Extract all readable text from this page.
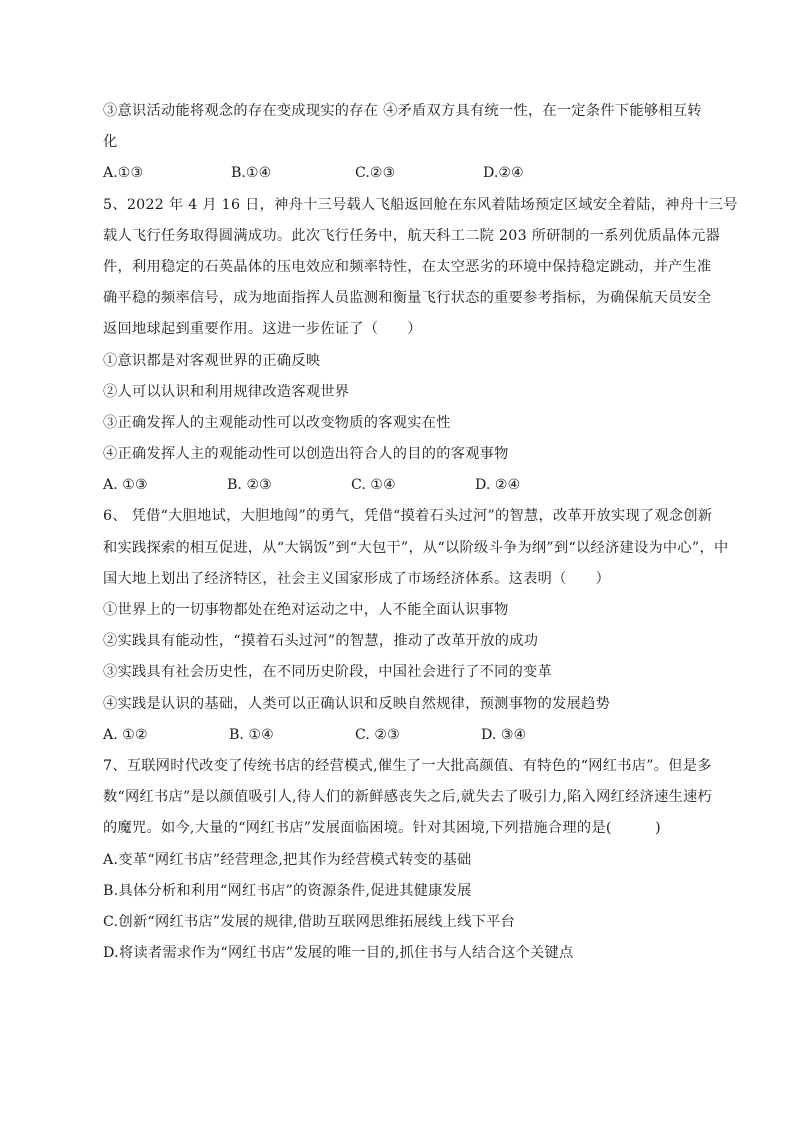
③意识活动能将观念的存在变成现实的存在 ④矛盾双方具有统一性，在一定条件下能够相互转
化
A.①③	B.①④	C.②③	D.②④
5、2022 年 4 月 16 日，神舟十三号载人飞船返回舱在东风着陆场预定区域安全着陆，神舟十三号
载人飞行任务取得圆满成功。此次飞行任务中，航天科工二院 203 所研制的一系列优质晶体元器
件，利用稳定的石英晶体的压电效应和频率特性，在太空恶劣的环境中保持稳定跳动，并产生准
确平稳的频率信号，成为地面指挥人员监测和衡量飞行状态的重要参考指标，为确保航天员安全
返回地球起到重要作用。这进一步佐证了（　　）
①意识都是对客观世界的正确反映
②人可以认识和利用规律改造客观世界
③正确发挥人的主观能动性可以改变物质的客观实在性
④正确发挥人主的观能动性可以创造出符合人的目的的客观事物
A. ①③	B. ②③	C. ①④	D. ②④
6、 凭借“大胆地试，大胆地闯”的勇气，凭借“摸着石头过河”的智慧，改革开放实现了观念创新
和实践探索的相互促进，从“大锅饭”到“大包干”，从“以阶级斗争为纲”到“以经济建设为中心”，中
国大地上划出了经济特区，社会主义国家形成了市场经济体系。这表明（　　）
①世界上的一切事物都处在绝对运动之中，人不能全面认识事物
②实践具有能动性，“摸着石头过河”的智慧，推动了改革开放的成功
③实践具有社会历史性，在不同历史阶段，中国社会进行了不同的变革
④实践是认识的基础，人类可以正确认识和反映自然规律，预测事物的发展趋势
A. ①②	B. ①④	C. ②③	D. ③④
7、互联网时代改变了传统书店的经营模式,催生了一大批高颜值、有特色的“网红书店”。但是多
数“网红书店”是以颜值吸引人,待人们的新鲜感丧失之后,就失去了吸引力,陷入网红经济速生速朽
的魔咒。如今,大量的“网红书店”发展面临困境。针对其困境,下列措施合理的是(　　　)
A.变革“网红书店”经营理念,把其作为经营模式转变的基础
B.具体分析和利用“网红书店”的资源条件,促进其健康发展
C.创新“网红书店”发展的规律,借助互联网思维拓展线上线下平台
D.将读者需求作为“网红书店”发展的唯一目的,抓住书与人结合这个关键点
